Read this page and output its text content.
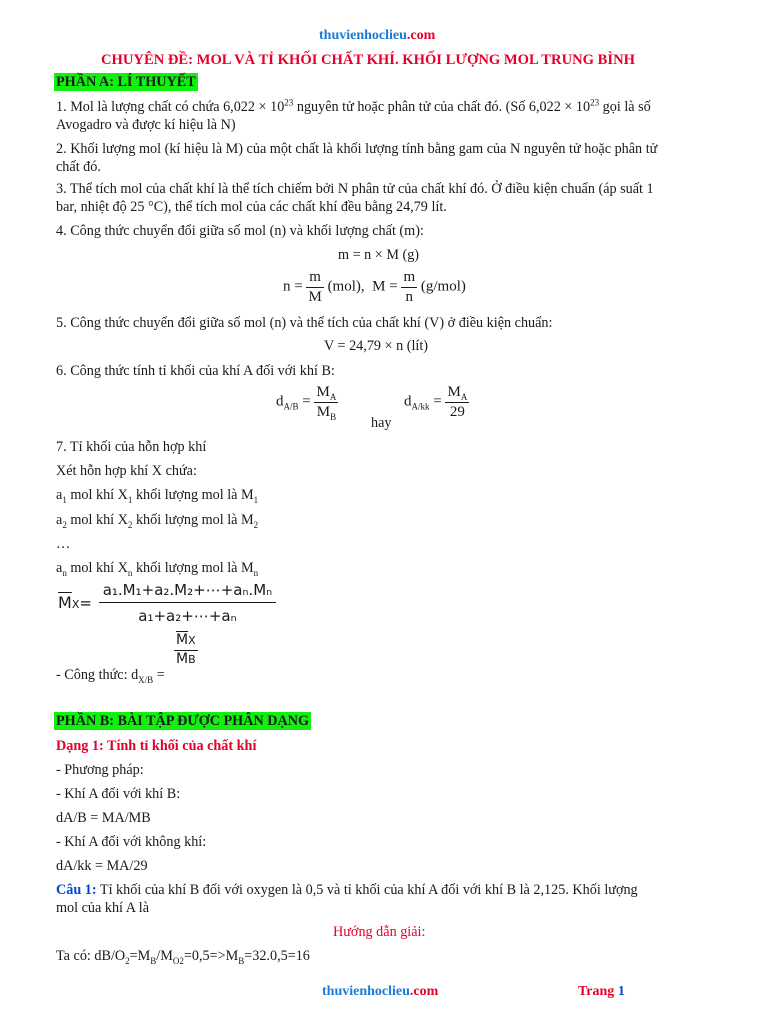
thuvienhoclieu.com
CHUYÊN ĐỀ: MOL VÀ TỈ KHỐI CHẤT KHÍ. KHỐI LƯỢNG MOL TRUNG BÌNH
PHẦN A: LÍ THUYẾT
1. Mol là lượng chất có chứa $6,022 \times 10^{23}$ nguyên tử hoặc phân tử của chất đó. (Số $6,022 \times 10^{23}$ gọi là số
Avogadro và được kí hiệu là N)
2. Khối lượng mol (kí hiệu là M) của một chất là khối lượng tính bằng gam của N nguyên tử hoặc phân tử
chất đó.
3. Thể tích mol của chất khí là thể tích chiếm bởi N phân tử của chất khí đó. Ở điều kiện chuẩn (áp suất 1
bar, nhiệt độ 25 °C), thể tích mol của các chất khí đều bằng 24,79 lít.
4. Công thức chuyển đổi giữa số mol (n) và khối lượng chất (m):
m = n × M (g)
$n = \frac{m}{M} (mol)$, $M = \frac{m}{n} (g/mol)$
5. Công thức chuyển đổi giữa số mol (n) và thể tích của chất khí (V) ở điều kiện chuẩn:
V = 24,79 × n (lít)
6. Công thức tính tỉ khối của khí A đối với khí B:
$d_{A/B} = \frac{M_A}{M_B}$
hay
$d_{A/kk} = \frac{M_A}{29}$
7. Tỉ khối của hỗn hợp khí
Xét hỗn hợp khí X chứa:
$a_1$ mol khí $X_1$ khối lượng mol là $M_1$
$a_2$ mol khí $X_2$ khối lượng mol là $M_2$
…
$a_n$ mol khí $X_n$ khối lượng mol là $M_n$
$\overline{M}X= \frac{\text{a₁.M₁+a₂.M₂+⋯+aₙ.Mₙ}}{\text{a₁+a₂+⋯+aₙ}}$
$\frac{\overline{M}X}{MB}$
- Công thức: $d_{X/B}$ =
PHẦN B: BÀI TẬP ĐƯỢC PHÂN DẠNG
Dạng 1: Tính tỉ khối của chất khí
- Phương pháp:
- Khí A đối với khí B:
dA/B = MA/MB
- Khí A đối với không khí:
dA/kk = MA/29
Câu 1: Tỉ khối của khí B đối với oxygen là 0,5 và tỉ khối của khí A đối với khí B là 2,125. Khối lượng
mol của khí A là
Hướng dẫn giải:
Ta có: $dB/O_2=M_B/M_{O2}=0,5=>M_B=32.0,5=16$
thuvienhoclieu.com	Trang 1
